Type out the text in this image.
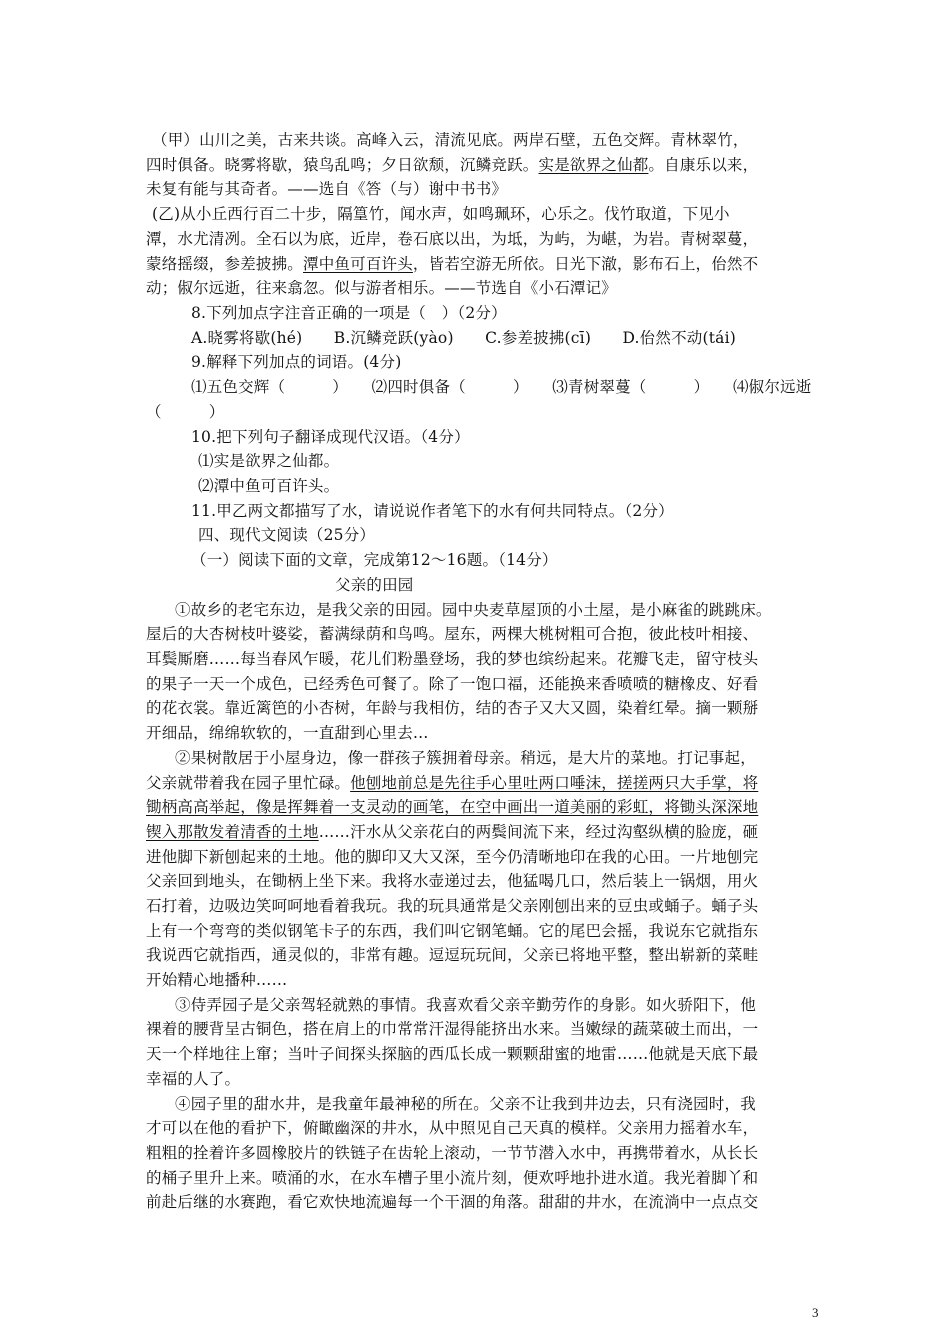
（甲）山川之美，古来共谈。高峰入云，清流见底。两岸石壁，五色交辉。青林翠竹，
四时俱备。晓雾将歇，猿鸟乱鸣；夕日欲颓，沉鳞竞跃。实是欲界之仙都。自康乐以来，
未复有能与其奇者。——选自《答（与）谢中书书》
(乙)从小丘西行百二十步，隔篁竹，闻水声，如鸣珮环，心乐之。伐竹取道，下见小
潭，水尤清冽。全石以为底，近岸，卷石底以出，为坻，为屿，为嵁，为岩。青树翠蔓，
蒙络摇缀，参差披拂。潭中鱼可百许头，皆若空游无所依。日光下澈，影布石上，佁然不
动；俶尔远逝，往来翕忽。似与游者相乐。——节选自《小石潭记》
8.下列加点字注音正确的一项是（　）（2分）
A.晓雾将歇(hé)　　B.沉鳞竞跃(yào)　　C.参差披拂(cī)　　D.佁然不动(tái)
9.解释下列加点的词语。(4分)
⑴五色交辉（　　　）　　⑵四时俱备（　　　）　　⑶青树翠蔓（　　　）　　⑷俶尔远逝
（　　　）
10.把下列句子翻译成现代汉语。（4分）
⑴实是欲界之仙都。
⑵潭中鱼可百许头。
11.甲乙两文都描写了水，请说说作者笔下的水有何共同特点。（2分）
四、现代文阅读（25分）
（一）阅读下面的文章，完成第12～16题。（14分）
父亲的田园
①故乡的老宅东边，是我父亲的田园。园中央麦草屋顶的小土屋，是小麻雀的跳跳床。
屋后的大杏树枝叶婆娑，蓄满绿荫和鸟鸣。屋东，两棵大桃树粗可合抱，彼此枝叶相接、
耳鬓厮磨……每当春风乍暖，花儿们粉墨登场，我的梦也缤纷起来。花瓣飞走，留守枝头
的果子一天一个成色，已经秀色可餐了。除了一饱口福，还能换来香喷喷的糖橡皮、好看
的花衣裳。靠近篱笆的小杏树，年龄与我相仿，结的杏子又大又圆，染着红晕。摘一颗掰
开细品，绵绵软软的，一直甜到心里去…
②果树散居于小屋身边，像一群孩子簇拥着母亲。稍远，是大片的菜地。打记事起，
父亲就带着我在园子里忙碌。他刨地前总是先往手心里吐两口唾沫，搓搓两只大手掌，将
锄柄高高举起，像是挥舞着一支灵动的画笔，在空中画出一道美丽的彩虹，将锄头深深地
锲入那散发着清香的土地……汗水从父亲花白的两鬓间流下来，经过沟壑纵横的脸庞，砸
进他脚下新刨起来的土地。他的脚印又大又深，至今仍清晰地印在我的心田。一片地刨完
父亲回到地头，在锄柄上坐下来。我将水壶递过去，他猛喝几口，然后装上一锅烟，用火
石打着，边吸边笑呵呵地看着我玩。我的玩具通常是父亲刚刨出来的豆虫或蛹子。蛹子头
上有一个弯弯的类似钢笔卡子的东西，我们叫它钢笔蛹。它的尾巴会摇，我说东它就指东
我说西它就指西，通灵似的，非常有趣。逗逗玩玩间，父亲已将地平整，整出崭新的菜畦
开始精心地播种……
③侍弄园子是父亲驾轻就熟的事情。我喜欢看父亲辛勤劳作的身影。如火骄阳下，他
裸着的腰背呈古铜色，搭在肩上的巾常常汗湿得能挤出水来。当嫩绿的蔬菜破土而出，一
天一个样地往上窜；当叶子间探头探脑的西瓜长成一颗颗甜蜜的地雷……他就是天底下最
幸福的人了。
④园子里的甜水井，是我童年最神秘的所在。父亲不让我到井边去，只有浇园时，我
才可以在他的看护下，俯瞰幽深的井水，从中照见自己天真的模样。父亲用力摇着水车，
粗粗的拴着许多圆橡胶片的铁链子在齿轮上滚动，一节节潜入水中，再携带着水，从长长
的桶子里升上来。喷涌的水，在水车槽子里小流片刻，便欢呼地扑进水道。我光着脚丫和
前赴后继的水赛跑，看它欢快地流遍每一个干涸的角落。甜甜的井水，在流淌中一点点交
3
